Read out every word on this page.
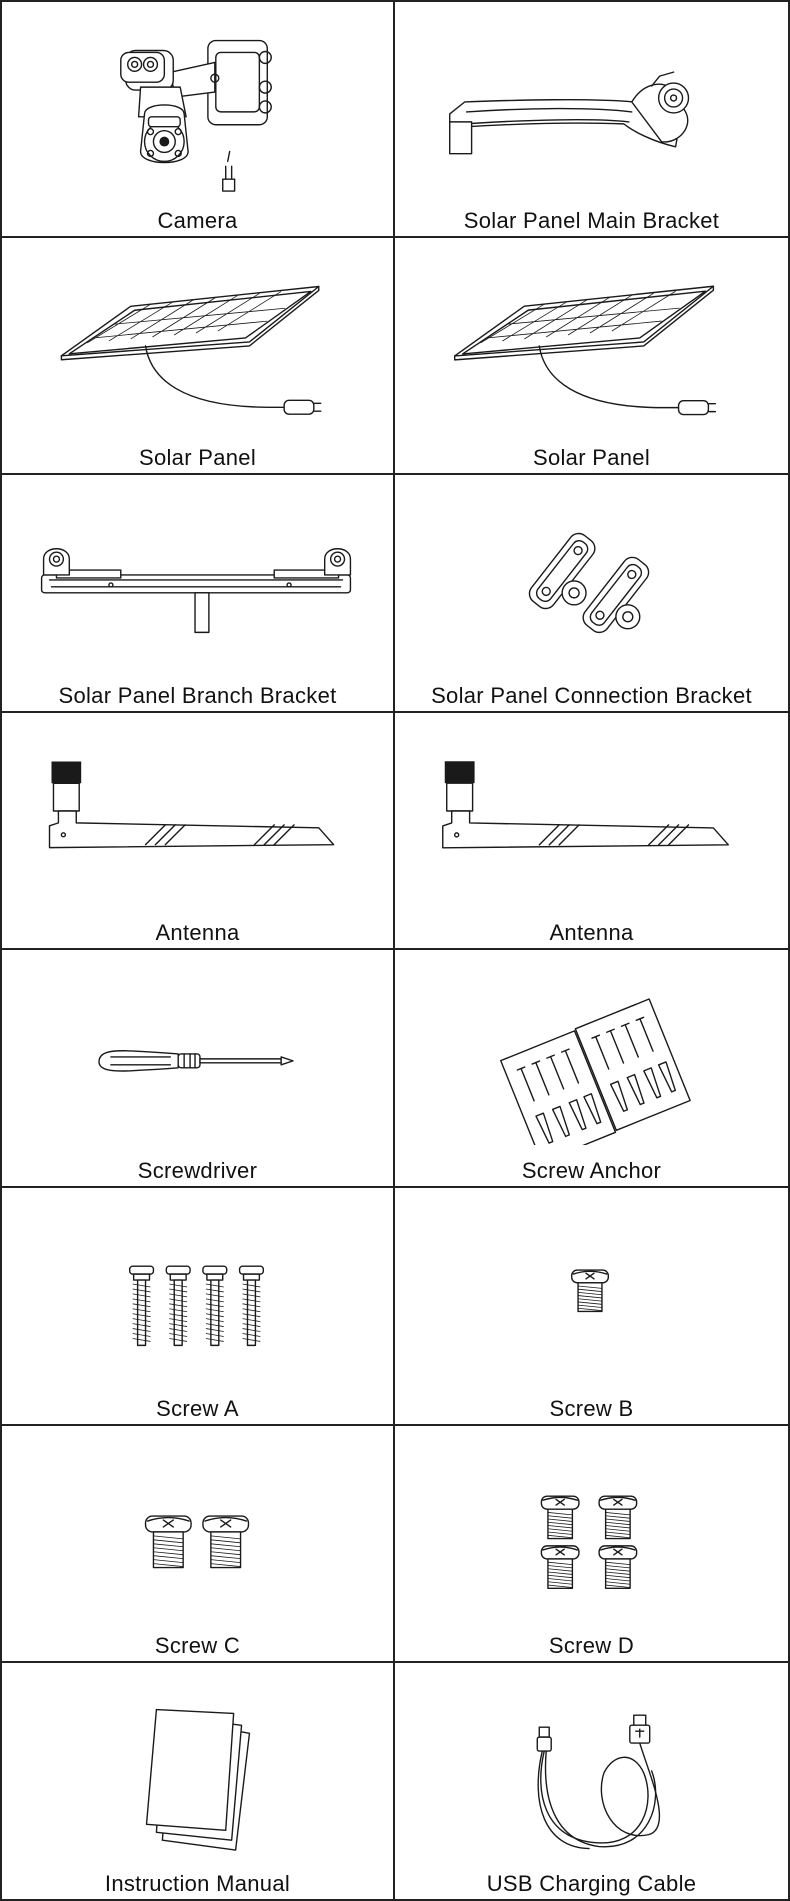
Camera	Solar Panel Main Bracket
Solar Panel	Solar Panel
Solar Panel Branch Bracket	Solar Panel Connection Bracket
Antenna	Antenna
Screwdriver	Screw Anchor
Screw A	Screw B
Screw C	Screw D
Instruction Manual	USB Charging Cable
